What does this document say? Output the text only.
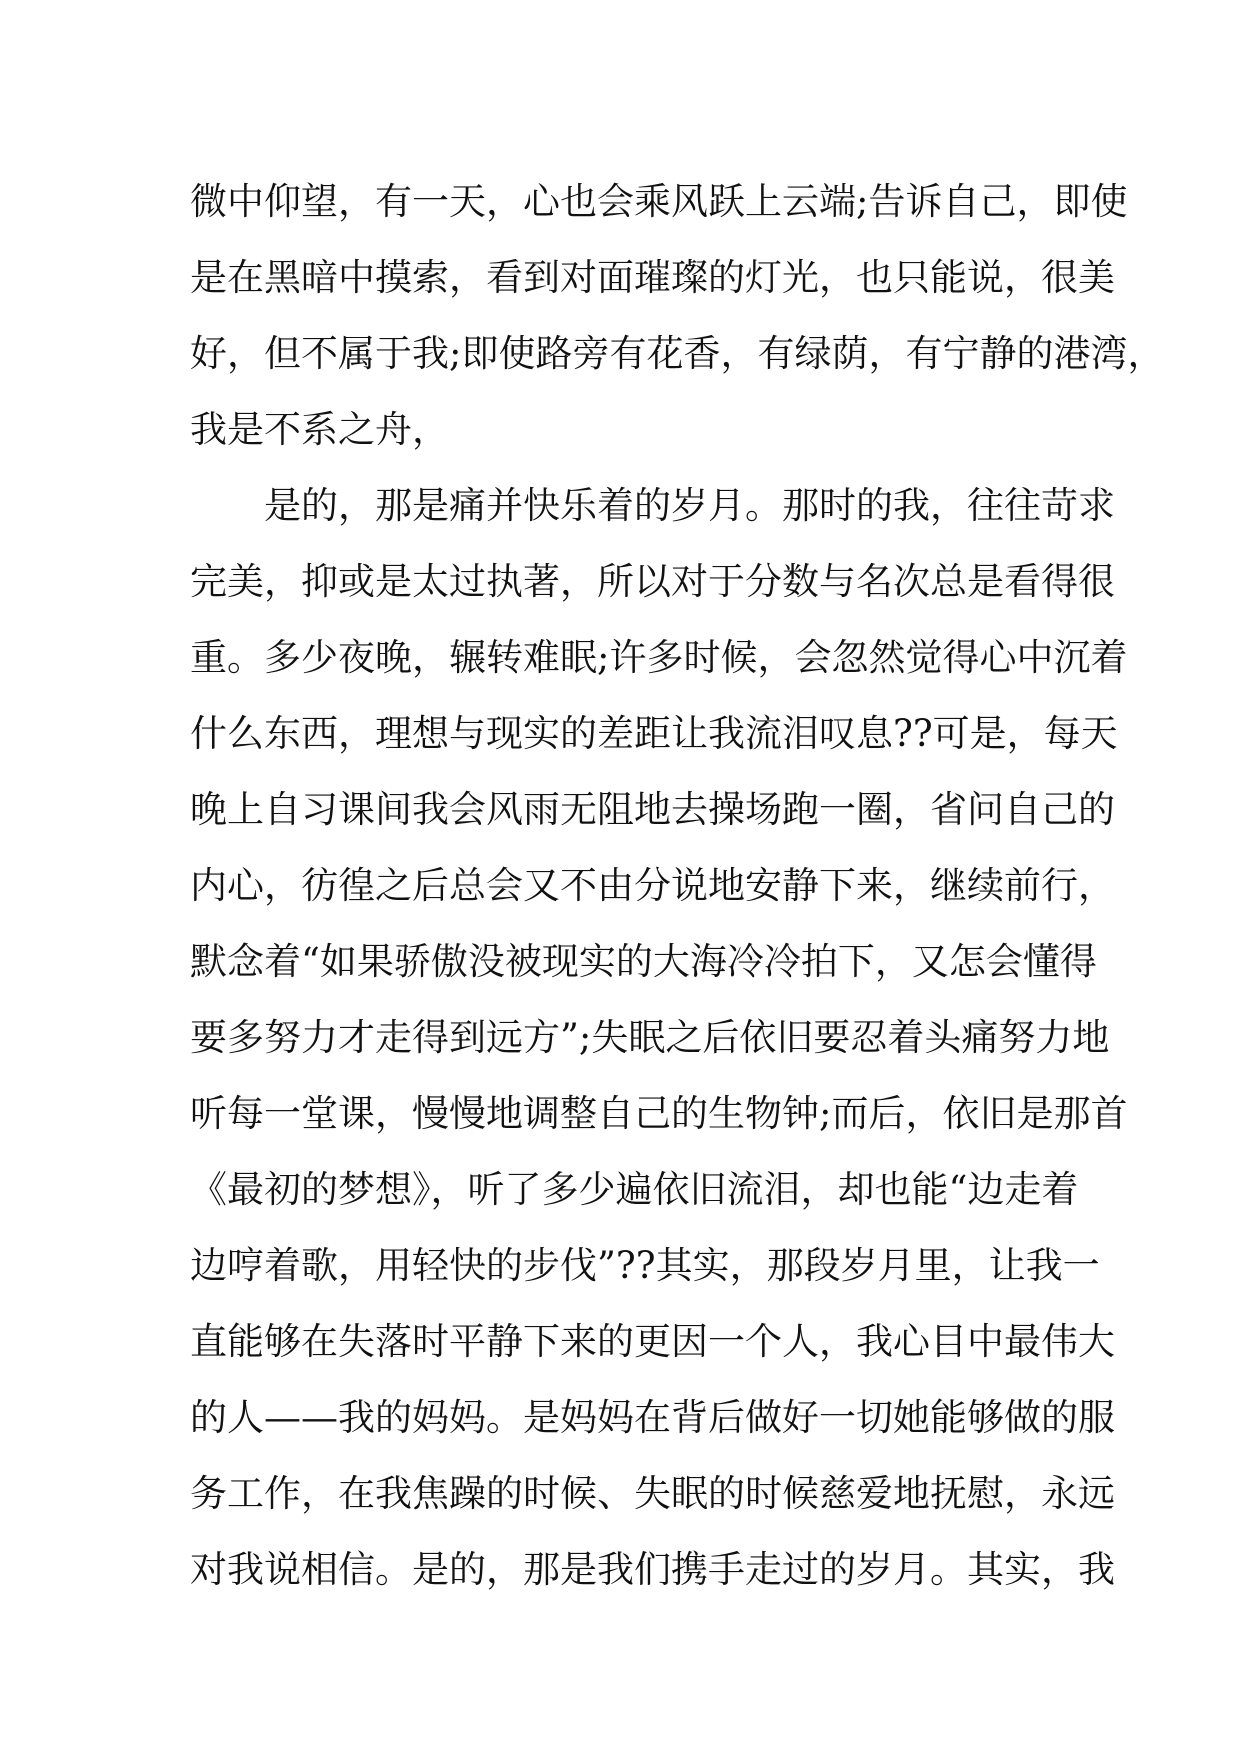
微中仰望，有一天，心也会乘风跃上云端;告诉自己，即使
是在黑暗中摸索，看到对面璀璨的灯光，也只能说，很美
好，但不属于我;即使路旁有花香，有绿荫，有宁静的港湾，
我是不系之舟，
是的，那是痛并快乐着的岁月。那时的我，往往苛求
完美，抑或是太过执著，所以对于分数与名次总是看得很
重。多少夜晚，辗转难眠;许多时候，会忽然觉得心中沉着
什么东西，理想与现实的差距让我流泪叹息??可是，每天
晚上自习课间我会风雨无阻地去操场跑一圈，省问自己的
内心，彷徨之后总会又不由分说地安静下来，继续前行，
默念着“如果骄傲没被现实的大海冷冷拍下，又怎会懂得
要多努力才走得到远方”;失眠之后依旧要忍着头痛努力地
听每一堂课，慢慢地调整自己的生物钟;而后，依旧是那首
《最初的梦想》，听了多少遍依旧流泪，却也能“边走着
边哼着歌，用轻快的步伐”??其实，那段岁月里，让我一
直能够在失落时平静下来的更因一个人，我心目中最伟大
的人——我的妈妈。是妈妈在背后做好一切她能够做的服
务工作，在我焦躁的时候、失眠的时候慈爱地抚慰，永远
对我说相信。是的，那是我们携手走过的岁月。其实，我
